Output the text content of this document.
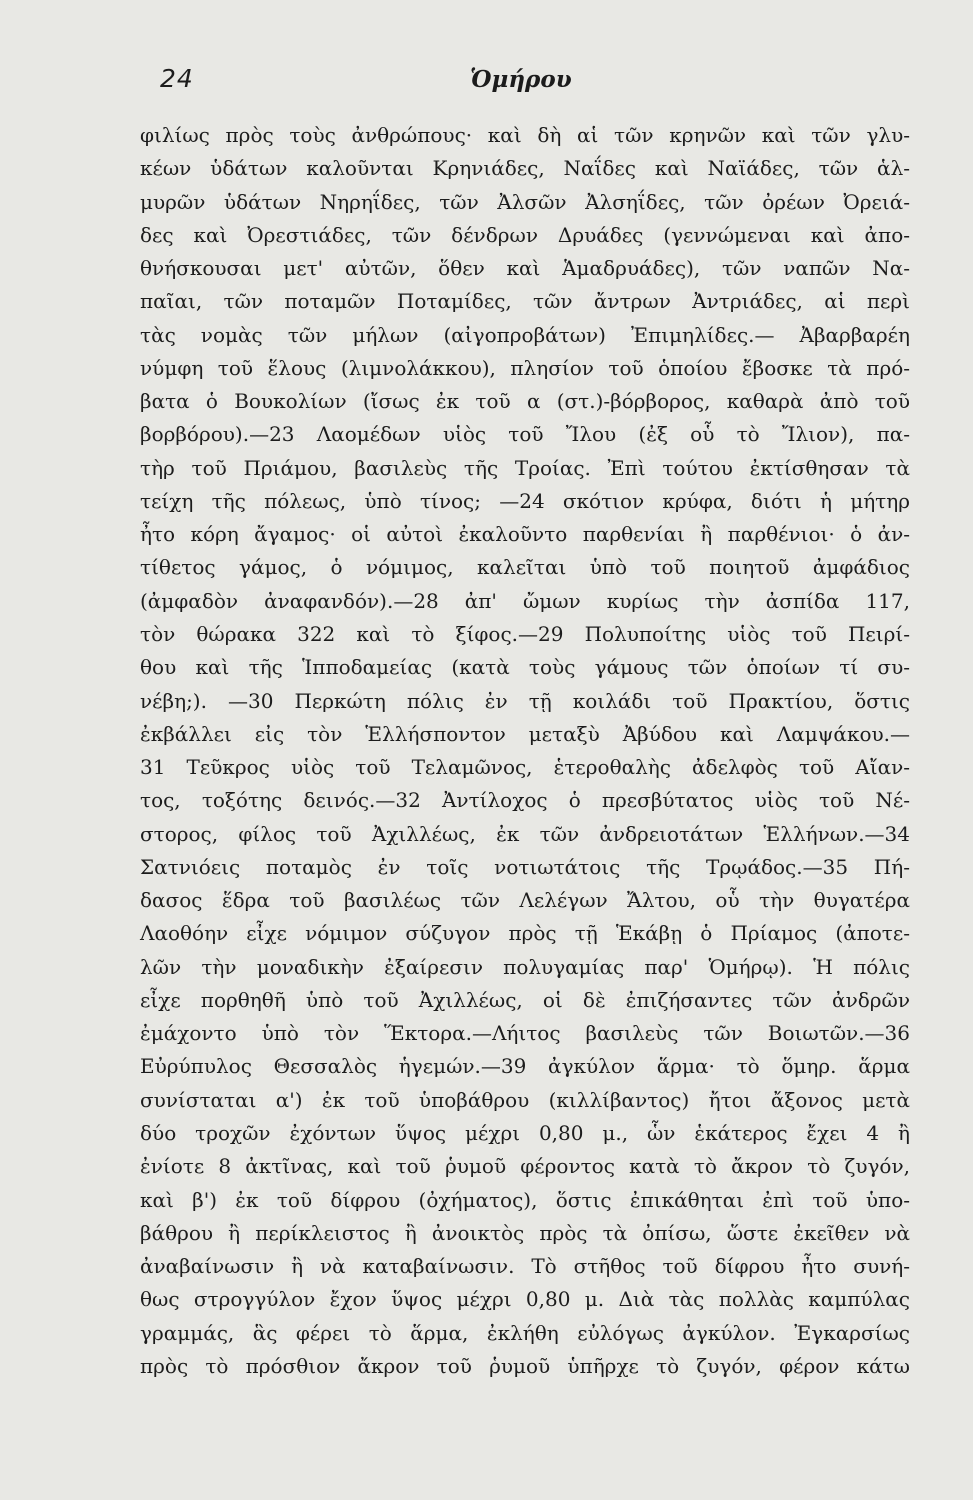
24	Ὁμήρου
φιλίως πρὸς τοὺς ἀνθρώπους· καὶ δὴ αἱ τῶν κρηνῶν καὶ τῶν γλυ-
κέων ὑδάτων καλοῦνται Κρηνιάδες, Ναΐδες καὶ Ναϊάδες, τῶν ἁλ-
μυρῶν ὑδάτων Νηρηΐδες, τῶν Ἀλσῶν Ἀλσηΐδες, τῶν ὀρέων Ὀρειά-
δες καὶ Ὀρεστιάδες, τῶν δένδρων Δρυάδες (γεννώμεναι καὶ ἀπο-
θνήσκουσαι μετ' αὐτῶν, ὅθεν καὶ Ἁμαδρυάδες), τῶν ναπῶν Να-
παῖαι, τῶν ποταμῶν Ποταμίδες, τῶν ἄντρων Ἀντριάδες, αἱ περὶ
τὰς νομὰς τῶν μήλων (αἰγοπροβάτων) Ἐπιμηλίδες.— Ἀβαρβαρέη
νύμφη τοῦ ἕλους (λιμνολάκκου), πλησίον τοῦ ὁποίου ἔβοσκε τὰ πρό-
βατα ὁ Βουκολίων (ἴσως ἐκ τοῦ α (στ.)-βόρβορος, καθαρὰ ἀπὸ τοῦ
βορβόρου).—23 Λαομέδων υἱὸς τοῦ Ἴλου (ἐξ οὗ τὸ Ἴλιον), πα-
τὴρ τοῦ Πριάμου, βασιλεὺς τῆς Τροίας. Ἐπὶ τούτου ἐκτίσθησαν τὰ
τείχη τῆς πόλεως, ὑπὸ τίνος; —24 σκότιον κρύφα, διότι ἡ μήτηρ
ἦτο κόρη ἄγαμος· οἱ αὐτοὶ ἐκαλοῦντο παρθενίαι ἢ παρθένιοι· ὁ ἀν-
τίθετος γάμος, ὁ νόμιμος, καλεῖται ὑπὸ τοῦ ποιητοῦ ἀμφάδιος
(ἀμφαδὸν ἀναφανδόν).—28 ἀπ' ὤμων κυρίως τὴν ἀσπίδα 117,
τὸν θώρακα 322 καὶ τὸ ξίφος.—29 Πολυποίτης υἱὸς τοῦ Πειρί-
θου καὶ τῆς Ἱπποδαμείας (κατὰ τοὺς γάμους τῶν ὁποίων τί συ-
νέβη;). —30 Περκώτη πόλις ἐν τῇ κοιλάδι τοῦ Πρακτίου, ὅστις
ἐκβάλλει εἰς τὸν Ἑλλήσποντον μεταξὺ Ἀβύδου καὶ Λαμψάκου.—
31 Τεῦκρος υἱὸς τοῦ Τελαμῶνος, ἑτεροθαλὴς ἀδελφὸς τοῦ Αἴαν-
τος, τοξότης δεινός.—32 Ἀντίλοχος ὁ πρεσβύτατος υἱὸς τοῦ Νέ-
στορος, φίλος τοῦ Ἀχιλλέως, ἐκ τῶν ἀνδρειοτάτων Ἑλλήνων.—34
Σατνιόεις ποταμὸς ἐν τοῖς νοτιωτάτοις τῆς Τρῳάδος.—35 Πή-
δασος ἕδρα τοῦ βασιλέως τῶν Λελέγων Ἄλτου, οὗ τὴν θυγατέρα
Λαοθόην εἶχε νόμιμον σύζυγον πρὸς τῇ Ἑκάβῃ ὁ Πρίαμος (ἀποτε-
λῶν τὴν μοναδικὴν ἐξαίρεσιν πολυγαμίας παρ' Ὁμήρῳ). Ἡ πόλις
εἶχε πορθηθῆ ὑπὸ τοῦ Ἀχιλλέως, οἱ δὲ ἐπιζήσαντες τῶν ἀνδρῶν
ἐμάχοντο ὑπὸ τὸν Ἕκτορα.—Λήιτος βασιλεὺς τῶν Βοιωτῶν.—36
Εὐρύπυλος Θεσσαλὸς ἡγεμών.—39 ἀγκύλον ἅρμα· τὸ ὅμηρ. ἅρμα
συνίσταται α') ἐκ τοῦ ὑποβάθρου (κιλλίβαντος) ἤτοι ἄξονος μετὰ
δύο τροχῶν ἐχόντων ὕψος μέχρι 0,80 μ., ὧν ἑκάτερος ἔχει 4 ἢ
ἐνίοτε 8 ἀκτῖνας, καὶ τοῦ ῥυμοῦ φέροντος κατὰ τὸ ἄκρον τὸ ζυγόν,
καὶ β') ἐκ τοῦ δίφρου (ὀχήματος), ὅστις ἐπικάθηται ἐπὶ τοῦ ὑπο-
βάθρου ἢ περίκλειστος ἢ ἀνοικτὸς πρὸς τὰ ὀπίσω, ὥστε ἐκεῖθεν νὰ
ἀναβαίνωσιν ἢ νὰ καταβαίνωσιν. Τὸ στῆθος τοῦ δίφρου ἦτο συνή-
θως στρογγύλον ἔχον ὕψος μέχρι 0,80 μ. Διὰ τὰς πολλὰς καμπύλας
γραμμάς, ἃς φέρει τὸ ἅρμα, ἐκλήθη εὐλόγως ἀγκύλον. Ἐγκαρσίως
πρὸς τὸ πρόσθιον ἄκρον τοῦ ῥυμοῦ ὑπῆρχε τὸ ζυγόν, φέρον κάτω
